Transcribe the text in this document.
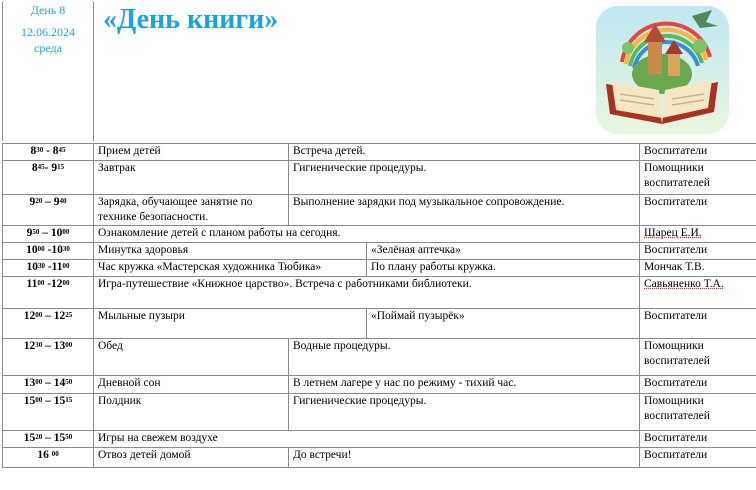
День 8
12.06.2024
среда
«День книги»
$8^{30} - 8^{45}$	Прием детей	Встреча детей.		Воспитатели
$8^{45}-$ $9^{15}$	Завтрак	Гигиенические процедуры.		Помощники воспитателей
$9^{20} - 9^{40}$	Зарядка, обучающее занятие по технике безопасности.	Выполнение зарядки под музыкальное сопровождение.		Воспитатели
$9^{50} - 10^{00}$	Ознакомление детей с планом работы на сегодня.			Шарец Е.И.
$10^{00}$ $-10^{30}$	Минутка здоровья		«Зелёная аптечка»	Воспитатели
$10^{30}$ $-11^{00}$	Час кружка «Мастерская художника Тюбика»		По плану работы кружка.	Мончак Т.В.
$11^{00}$ $-12^{00}$	Игра-путешествие «Книжное царство». Встреча с работниками библиотеки.			Савьяненко Т.А.
$12^{00} - 12^{25}$	Мыльные пузыри		«Поймай пузырёк»	Воспитатели
$12^{30} - 13^{00}$	Обед	Водные процедуры.		Помощники воспитателей
$13^{00} - 14^{50}$	Дневной сон	В летнем лагере у нас по режиму - тихий час.		Воспитатели
$15^{00} - 15^{15}$	Полдник	Гигиенические процедуры.		Помощники воспитателей
$15^{20} - 15^{50}$	Игры на свежем воздухе			Воспитатели
16 $^{00}$	Отвоз детей домой	До встречи!		Воспитатели
